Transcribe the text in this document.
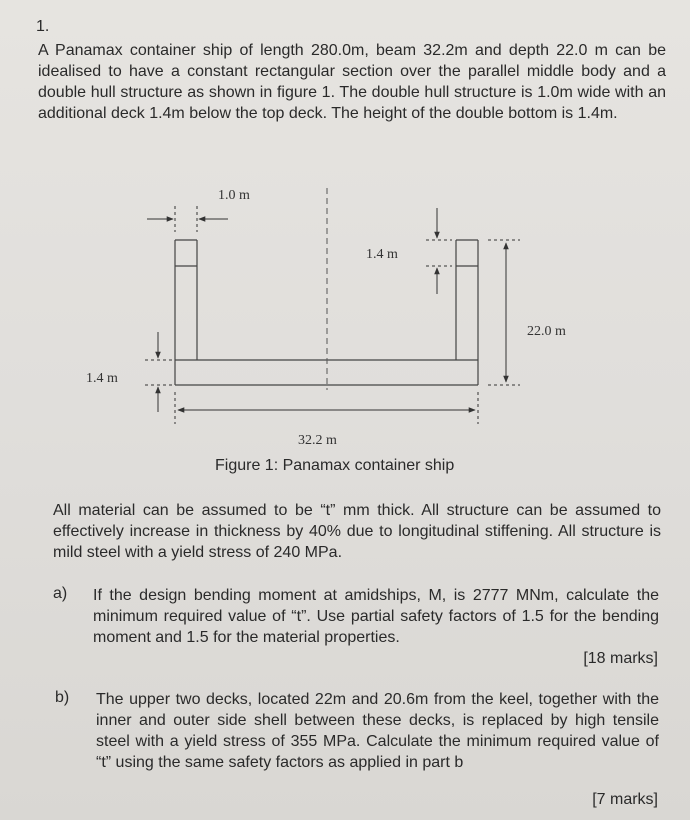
1.
A Panamax container ship of length 280.0m, beam 32.2m and depth 22.0 m can be idealised to have a constant rectangular section over the parallel middle body and a double hull structure as shown in figure 1. The double hull structure is 1.0m wide with an additional deck 1.4m below the top deck. The height of the double bottom is 1.4m.
1.0 m
1.4 m
22.0 m
1.4 m
32.2 m
Figure 1: Panamax container ship
All material can be assumed to be “t” mm thick. All structure can be assumed to effectively increase in thickness by 40% due to longitudinal stiffening. All structure is mild steel with a yield stress of 240 MPa.
a) If the design bending moment at amidships, M, is 2777 MNm, calculate the minimum required value of “t”. Use partial safety factors of 1.5 for the bending moment and 1.5 for the material properties.
[18 marks]
b) The upper two decks, located 22m and 20.6m from the keel, together with the inner and outer side shell between these decks, is replaced by high tensile steel with a yield stress of 355 MPa. Calculate the minimum required value of “t” using the same safety factors as applied in part b
[7 marks]
